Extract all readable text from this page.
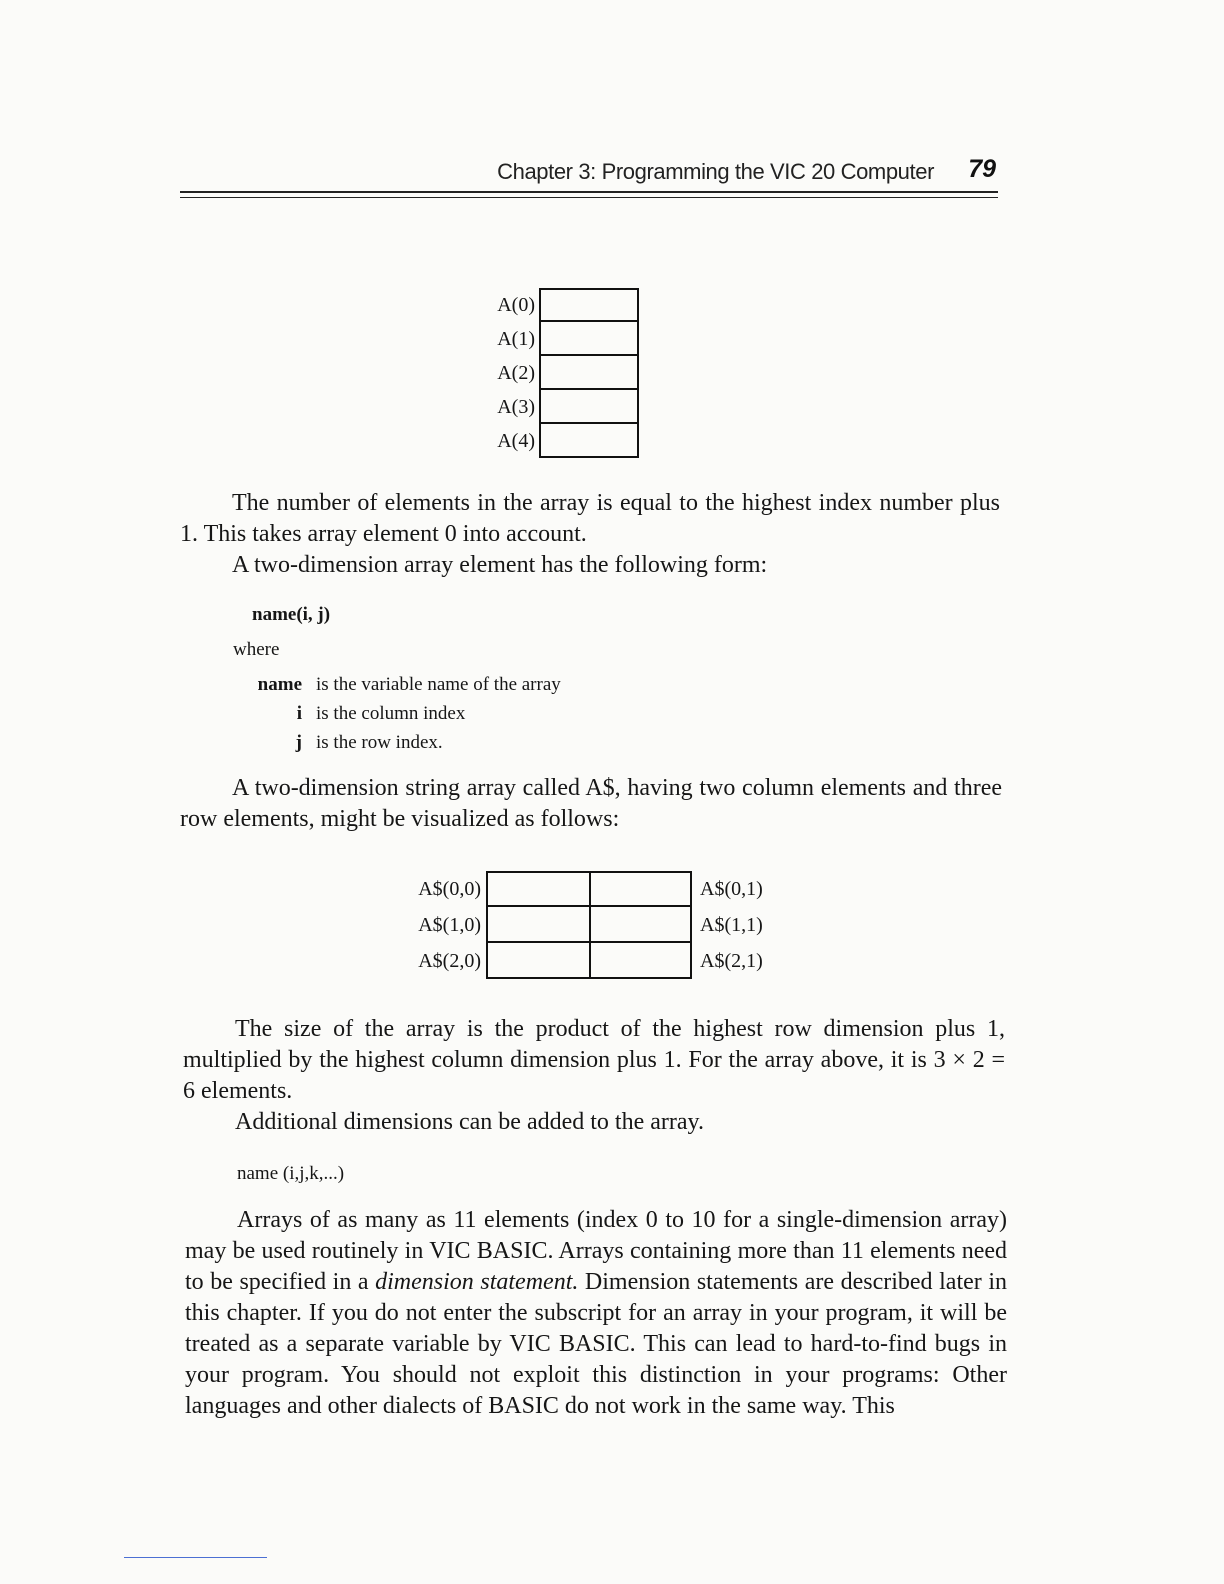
Chapter 3: Programming the VIC 20 Computer 79
A(0)
A(1)
A(2)
A(3)
A(4)

The number of elements in the array is equal to the highest index number plus 1. This takes array element 0 into account.

A two-dimension array element has the following form:

name(i, j)
where
name is the variable name of the array
i is the column index
j is the row index.

A two-dimension string array called A$, having two column elements and three row elements, might be visualized as follows:

A$(0,0)	A$(0,1)
A$(1,0)	A$(1,1)
A$(2,0)	A$(2,1)

The size of the array is the product of the highest row dimension plus 1, multiplied by the highest column dimension plus 1. For the array above, it is 3 × 2 = 6 elements.

Additional dimensions can be added to the array.

name (i,j,k,...)

Arrays of as many as 11 elements (index 0 to 10 for a single-dimension array) may be used routinely in VIC BASIC. Arrays containing more than 11 elements need to be specified in a dimension statement. Dimension statements are described later in this chapter. If you do not enter the subscript for an array in your program, it will be treated as a separate variable by VIC BASIC. This can lead to hard-to-find bugs in your program. You should not exploit this distinction in your programs: Other languages and other dialects of BASIC do not work in the same way. This
